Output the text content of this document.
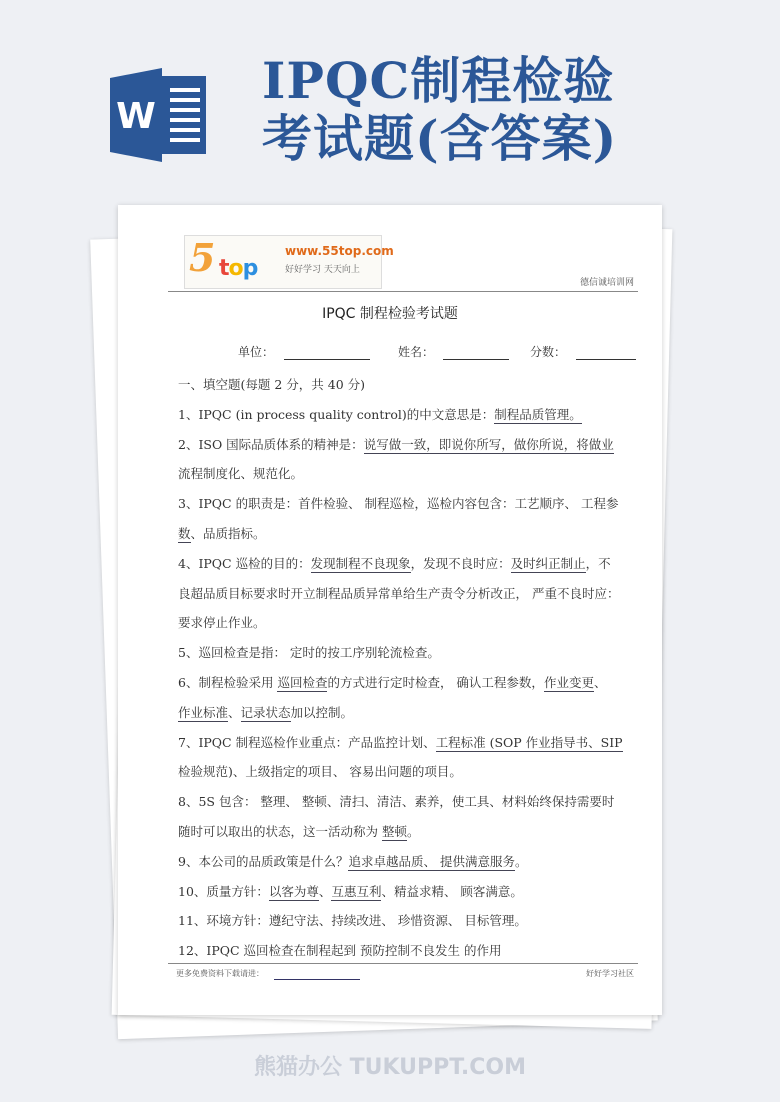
W
IPQC制程检验
考试题(含答案)
5 top
www.55top.com
好好学习 天天向上
德信诚培训网
IPQC 制程检验考试题
单位：	姓名：	分数：
一、填空题(每题 2 分，共 40 分)
1、IPQC (in process quality control)的中文意思是：制程品质管理。
2、ISO 国际品质体系的精神是：说写做一致，即说你所写，做你所说，将做业
流程制度化、规范化。
3、IPQC 的职责是：首件检验、 制程巡检，巡检内容包含：工艺顺序、 工程参
数、品质指标。
4、IPQC 巡检的目的：发现制程不良现象，发现不良时应：及时纠正制止，不
良超品质目标要求时开立制程品质异常单给生产责令分析改正， 严重不良时应：
要求停止作业。
5、巡回检查是指： 定时的按工序别轮流检查。
6、制程检验采用 巡回检查的方式进行定时检查， 确认工程参数，作业变更、
作业标准、记录状态加以控制。
7、IPQC 制程巡检作业重点：产品监控计划、工程标准 (SOP 作业指导书、SIP
检验规范)、上级指定的项目、 容易出问题的项目。
8、5S 包含： 整理、 整顿、清扫、清洁、素养，使工具、材料始终保持需要时
随时可以取出的状态，这一活动称为 整顿。
9、本公司的品质政策是什么？追求卓越品质、 提供满意服务。
10、质量方针：以客为尊、互惠互利、精益求精、 顾客满意。
11、环境方针：遵纪守法、持续改进、 珍惜资源、 目标管理。
12、IPQC 巡回检查在制程起到 预防控制不良发生 的作用
更多免费资料下载请进：	好好学习社区
熊猫办公 TUKUPPT.COM
